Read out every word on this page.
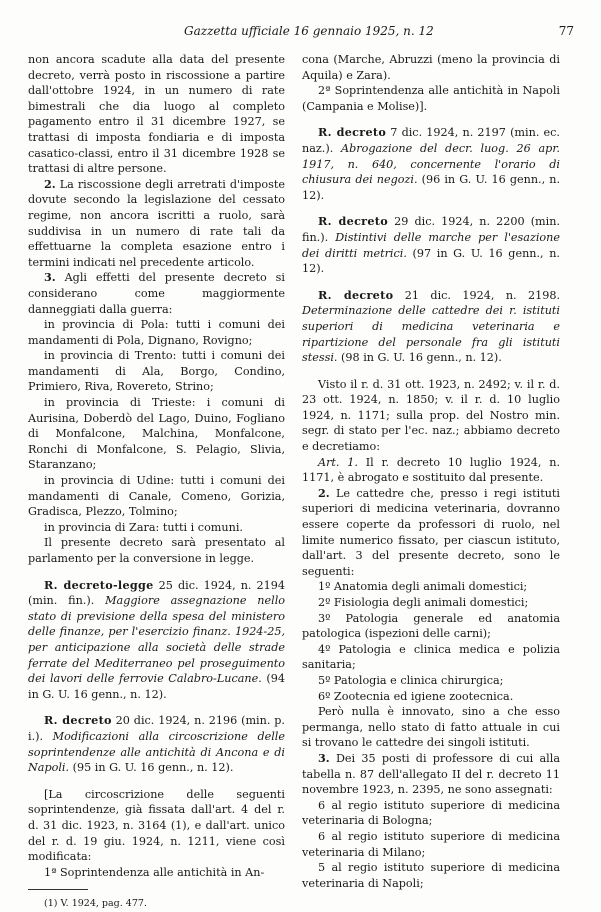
Gazzetta ufficiale 16 gennaio 1925, n. 12	77

non ancora scadute alla data del presente decreto, verrà posto in riscossione a partire dall'ottobre 1924, in un numero di rate bimestrali che dia luogo al completo pagamento entro il 31 dicembre 1927, se trattasi di imposta fondiaria e di imposta casatico-classi, entro il 31 dicembre 1928 se trattasi di altre persone.

2. La riscossione degli arretrati d'imposte dovute secondo la legislazione del cessato regime, non ancora iscritti a ruolo, sarà suddivisa in un numero di rate tali da effettuarne la completa esazione entro i termini indicati nel precedente articolo.

3. Agli effetti del presente decreto si considerano come maggiormente danneggiati dalla guerra:

in provincia di Pola: tutti i comuni dei mandamenti di Pola, Dignano, Rovigno;

in provincia di Trento: tutti i comuni dei mandamenti di Ala, Borgo, Condino, Primiero, Riva, Rovereto, Strino;

in provincia di Trieste: i comuni di Aurisina, Doberdò del Lago, Duino, Fogliano di Monfalcone, Malchina, Monfalcone, Ronchi di Monfalcone, S. Pelagio, Slivia, Staranzano;

in provincia di Udine: tutti i comuni dei mandamenti di Canale, Comeno, Gorizia, Gradisca, Plezzo, Tolmino;

in provincia di Zara: tutti i comuni.

Il presente decreto sarà presentato al parlamento per la conversione in legge.

R. decreto-legge 25 dic. 1924, n. 2194 (min. fin.). Maggiore assegnazione nello stato di previsione della spesa del ministero delle finanze, per l'esercizio finanz. 1924-25, per anticipazione alla società delle strade ferrate del Mediterraneo pel proseguimento dei lavori delle ferrovie Calabro-Lucane. (94 in G. U. 16 genn., n. 12).

R. decreto 20 dic. 1924, n. 2196 (min. p. i.). Modificazioni alla circoscrizione delle soprintendenze alle antichità di Ancona e di Napoli. (95 in G. U. 16 genn., n. 12).

[La circoscrizione delle seguenti soprintendenze, già fissata dall'art. 4 del r. d. 31 dic. 1923, n. 3164 (1), e dall'art. unico del r. d. 19 giu. 1924, n. 1211, viene così modificata:

1ª Soprintendenza alle antichità in An-

(1) V. 1924, pag. 477.

cona (Marche, Abruzzi (meno la provincia di Aquila) e Zara).

2ª Soprintendenza alle antichità in Napoli (Campania e Molise)].

R. decreto 7 dic. 1924, n. 2197 (min. ec. naz.). Abrogazione del decr. luog. 26 apr. 1917, n. 640, concernente l'orario di chiusura dei negozi. (96 in G. U. 16 genn., n. 12).

R. decreto 29 dic. 1924, n. 2200 (min. fin.). Distintivi delle marche per l'esazione dei diritti metrici. (97 in G. U. 16 genn., n. 12).

R. decreto 21 dic. 1924, n. 2198. Determinazione delle cattedre dei r. istituti superiori di medicina veterinaria e ripartizione del personale fra gli istituti stessi. (98 in G. U. 16 genn., n. 12).

Visto il r. d. 31 ott. 1923, n. 2492; v. il r. d. 23 ott. 1924, n. 1850; v. il r. d. 10 luglio 1924, n. 1171; sulla prop. del Nostro min. segr. di stato per l'ec. naz.; abbiamo decreto e decretiamo:

Art. 1. Il r. decreto 10 luglio 1924, n. 1171, è abrogato e sostituito dal presente.

2. Le cattedre che, presso i regi istituti superiori di medicina veterinaria, dovranno essere coperte da professori di ruolo, nel limite numerico fissato, per ciascun istituto, dall'art. 3 del presente decreto, sono le seguenti:

1º Anatomia degli animali domestici;

2º Fisiologia degli animali domestici;

3º Patologia generale ed anatomia patologica (ispezioni delle carni);

4º Patologia e clinica medica e polizia sanitaria;

5º Patologia e clinica chirurgica;

6º Zootecnia ed igiene zootecnica.

Però nulla è innovato, sino a che esso permanga, nello stato di fatto attuale in cui si trovano le cattedre dei singoli istituti.

3. Dei 35 posti di professore di cui alla tabella n. 87 dell'allegato II del r. decreto 11 novembre 1923, n. 2395, ne sono assegnati:

6 al regio istituto superiore di medicina veterinaria di Bologna;

6 al regio istituto superiore di medicina veterinaria di Milano;

5 al regio istituto superiore di medicina veterinaria di Napoli;
